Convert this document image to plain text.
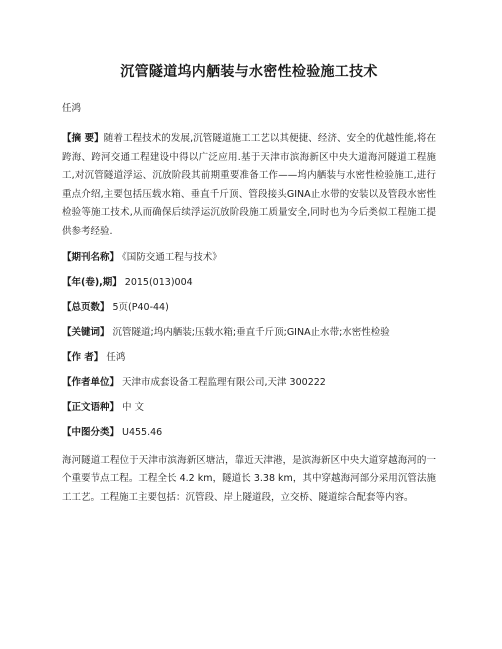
沉管隧道坞内舾装与水密性检验施工技术
任鸿
【摘 要】随着工程技术的发展,沉管隧道施工工艺以其便捷、经济、安全的优越性能,将在跨海、跨河交通工程建设中得以广泛应用.基于天津市滨海新区中央大道海河隧道工程施工,对沉管隧道浮运、沉放阶段其前期重要准备工作——坞内舾装与水密性检验施工,进行重点介绍,主要包括压载水箱、垂直千斤顶、管段接头GINA止水带的安装以及管段水密性检验等施工技术,从而确保后续浮运沉放阶段施工质量安全,同时也为今后类似工程施工提供参考经验.
【期刊名称】 《国防交通工程与技术》
【年(卷),期】 2015(013)004
【总页数】 5页(P40-44)
【关键词】 沉管隧道;坞内舾装;压载水箱;垂直千斤顶;GINA止水带;水密性检验
【作 者】 任鸿
【作者单位】 天津市成套设备工程监理有限公司,天津 300222
【正文语种】 中 文
【中图分类】 U455.46
海河隧道工程位于天津市滨海新区塘沽，靠近天津港，是滨海新区中央大道穿越海河的一个重要节点工程。工程全长 4.2 km，隧道长 3.38 km，其中穿越海河部分采用沉管法施工工艺。工程施工主要包括：沉管段、岸上隧道段，立交桥、隧道综合配套等内容。
